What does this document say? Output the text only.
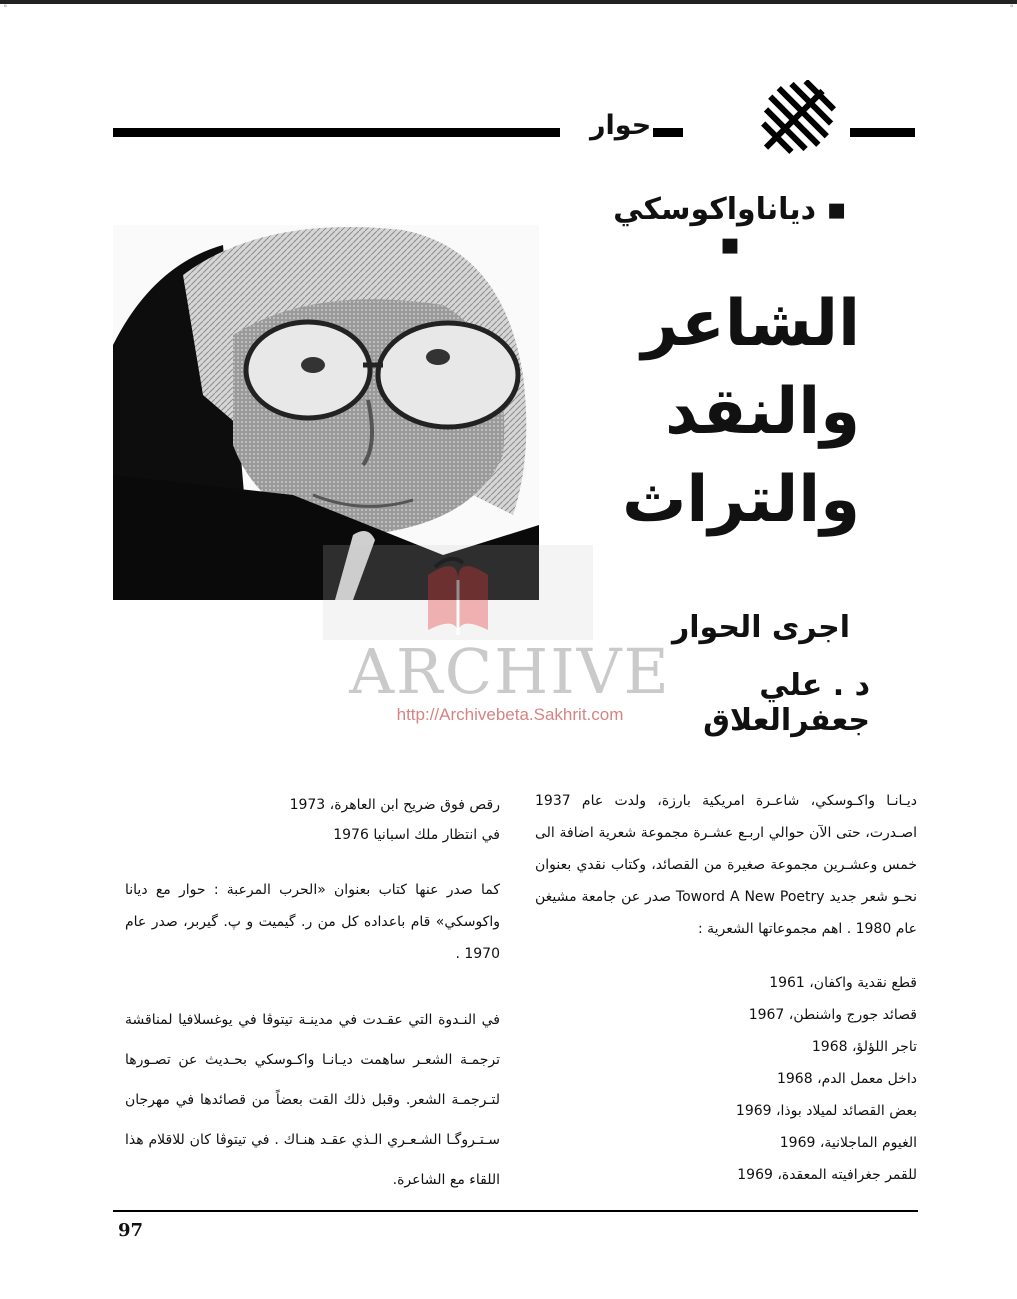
°	°
حوار
▪ دياناواكوسكي ▪
الشاعر
والنقد
والتراث
اجرى الحوار
د . علي جعفرالعلاق
ARCHIVE
http://Archivebeta.Sakhrit.com

ديـانـا واكـوسكي، شاعـرة امريكية بارزة، ولدت عام 1937 اصـدرت، حتى الآن حوالي اربـع عشـرة مجموعة شعرية اضافة الى خمس وعشـرين مجموعة صغيرة من القصائد، وكتاب نقدي بعنوان نحـو شعر جديد Toword A New Poetry صدر عن جامعة مشيغن عام 1980 . اهم مجموعاتها الشعرية :

قطع نقدية واكفان، 1961
قصائد جورج واشنطن، 1967
تاجر اللؤلؤ، 1968
داخل معمل الدم، 1968
بعض القصائد لميلاد بوذا، 1969
الغيوم الماجلانية، 1969
للقمر جغرافيته المعقدة، 1969
رقص فوق ضريح ابن العاهرة، 1973
في انتظار ملك اسبانيا 1976

كما صدر عنها كتاب بعنوان «الحرب المرعبة : حوار مع ديانا واكوسكي» قام باعداده كل من ر. گيميت و پ. گيربر، صدر عام 1970 .

في النـدوة التي عقـدت في مدينـة تيتوڤا في يوغسلافيا لمناقشة ترجمـة الشعـر ساهمت ديـانـا واكـوسكي بحـديث عن تصـورها لتـرجمـة الشعر. وقبل ذلك القت بعضاً من قصائدها في مهرجان سـتـروگـا الشـعـري الـذي عقـد هنـاك . في تيتوڤا كان للاقلام هذا اللقاء مع الشاعرة.

97
